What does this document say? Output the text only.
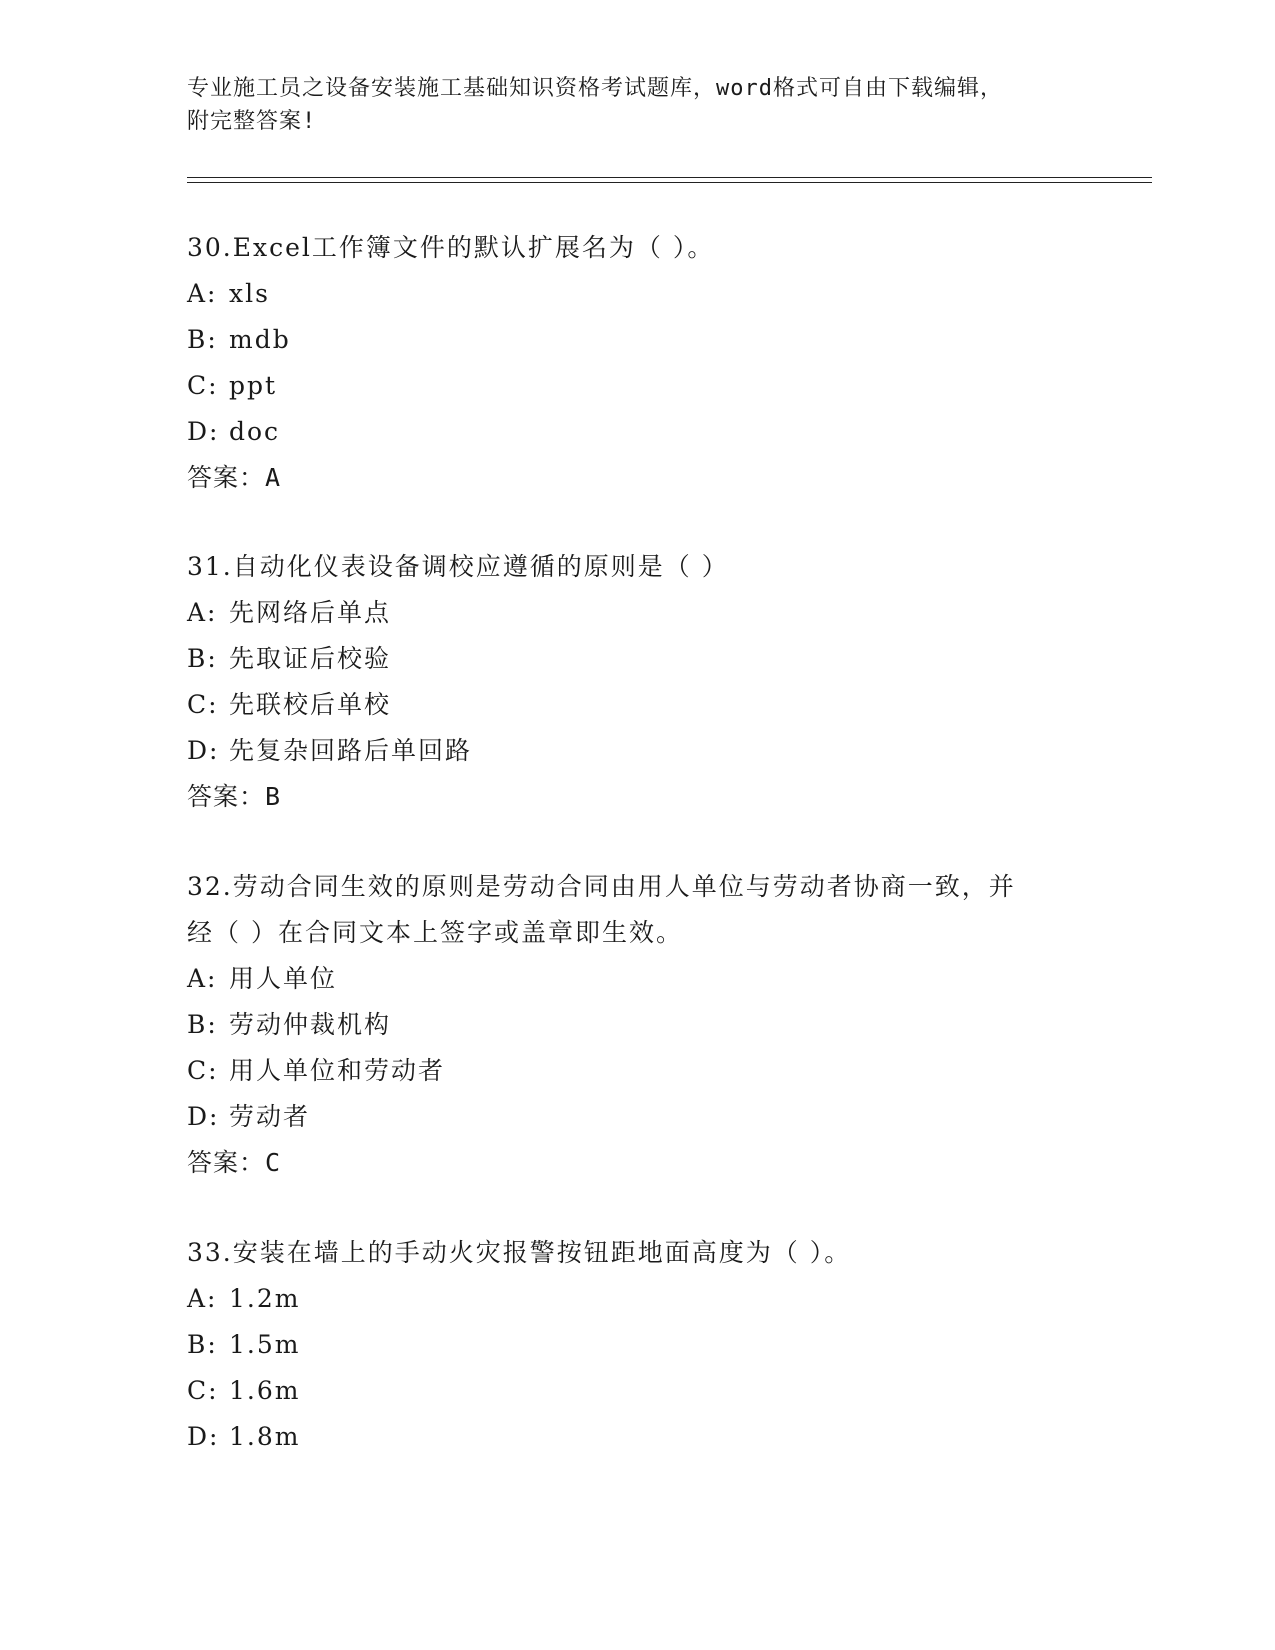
专业施工员之设备安装施工基础知识资格考试题库，word格式可自由下载编辑，
附完整答案!

30.Excel工作簿文件的默认扩展名为（ ）。

A: xls

B: mdb

C: ppt

D: doc

答案：A

31.自动化仪表设备调校应遵循的原则是（ ）

A: 先网络后单点

B: 先取证后校验

C: 先联校后单校

D: 先复杂回路后单回路

答案：B

32.劳动合同生效的原则是劳动合同由用人单位与劳动者协商一致，并

经（ ）在合同文本上签字或盖章即生效。

A: 用人单位

B: 劳动仲裁机构

C: 用人单位和劳动者

D: 劳动者

答案：C

33.安装在墙上的手动火灾报警按钮距地面高度为（ ）。

A: 1.2m

B: 1.5m

C: 1.6m

D: 1.8m
